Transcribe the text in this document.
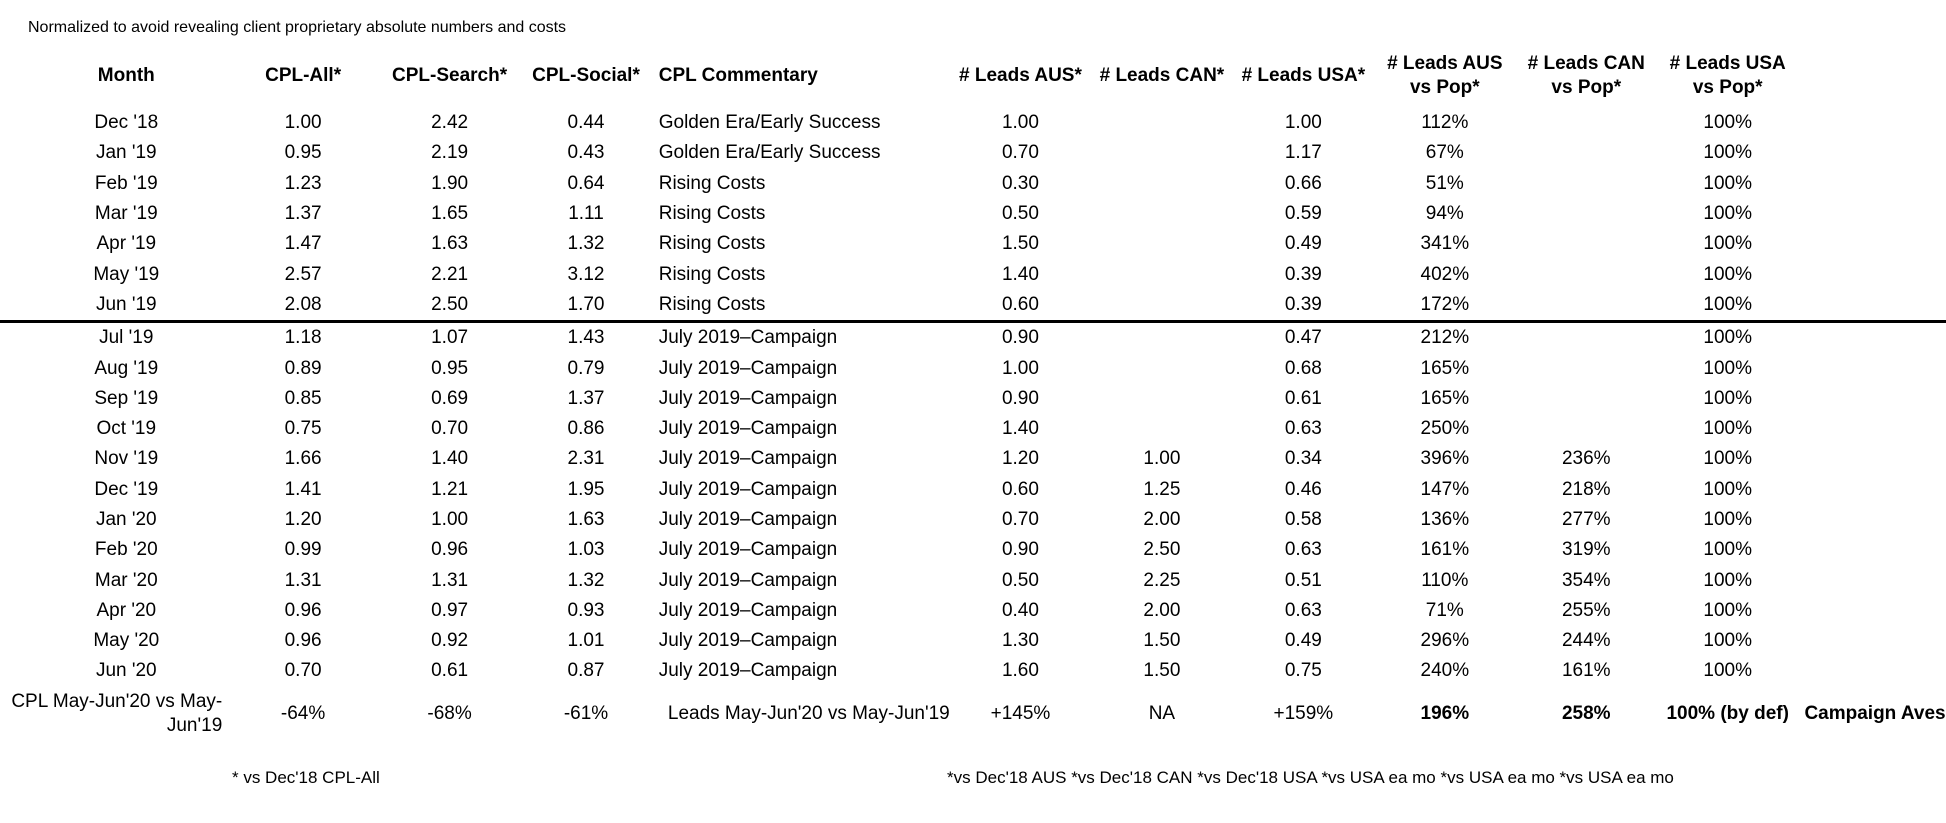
Normalized to avoid revealing client proprietary absolute numbers and costs
	Month	CPL-All*	CPL-Search*	CPL-Social*	CPL Commentary	# Leads AUS*	# Leads CAN*	# Leads USA*	# Leads AUS vs Pop*	# Leads CAN vs Pop*	# Leads USA vs Pop*	
	Dec '18	1.00	2.42	0.44	Golden Era/Early Success	1.00		1.00	112%		100%	
	Jan '19	0.95	2.19	0.43	Golden Era/Early Success	0.70		1.17	67%		100%	
	Feb '19	1.23	1.90	0.64	Rising Costs	0.30		0.66	51%		100%	
	Mar '19	1.37	1.65	1.11	Rising Costs	0.50		0.59	94%		100%	
	Apr '19	1.47	1.63	1.32	Rising Costs	1.50		0.49	341%		100%	
	May '19	2.57	2.21	3.12	Rising Costs	1.40		0.39	402%		100%	
	Jun '19	2.08	2.50	1.70	Rising Costs	0.60		0.39	172%		100%	
	Jul '19	1.18	1.07	1.43	July 2019–Campaign	0.90		0.47	212%		100%	
	Aug '19	0.89	0.95	0.79	July 2019–Campaign	1.00		0.68	165%		100%	
	Sep '19	0.85	0.69	1.37	July 2019–Campaign	0.90		0.61	165%		100%	
	Oct '19	0.75	0.70	0.86	July 2019–Campaign	1.40		0.63	250%		100%	
	Nov '19	1.66	1.40	2.31	July 2019–Campaign	1.20	1.00	0.34	396%	236%	100%	
	Dec '19	1.41	1.21	1.95	July 2019–Campaign	0.60	1.25	0.46	147%	218%	100%	
	Jan '20	1.20	1.00	1.63	July 2019–Campaign	0.70	2.00	0.58	136%	277%	100%	
	Feb '20	0.99	0.96	1.03	July 2019–Campaign	0.90	2.50	0.63	161%	319%	100%	
	Mar '20	1.31	1.31	1.32	July 2019–Campaign	0.50	2.25	0.51	110%	354%	100%	
	Apr '20	0.96	0.97	0.93	July 2019–Campaign	0.40	2.00	0.63	71%	255%	100%	
	May '20	0.96	0.92	1.01	July 2019–Campaign	1.30	1.50	0.49	296%	244%	100%	
	Jun '20	0.70	0.61	0.87	July 2019–Campaign	1.60	1.50	0.75	240%	161%	100%	
CPL May-Jun'20 vs May-Jun'19		-64%	-68%	-61%	Leads May-Jun'20 vs May-Jun'19	+145%	NA	+159%	196%	258%	100% (by def)	Campaign Aves
* vs Dec'18 CPL-All	*vs Dec'18 AUS *vs Dec'18 CAN *vs Dec'18 USA *vs USA ea mo *vs USA ea mo *vs USA ea mo
